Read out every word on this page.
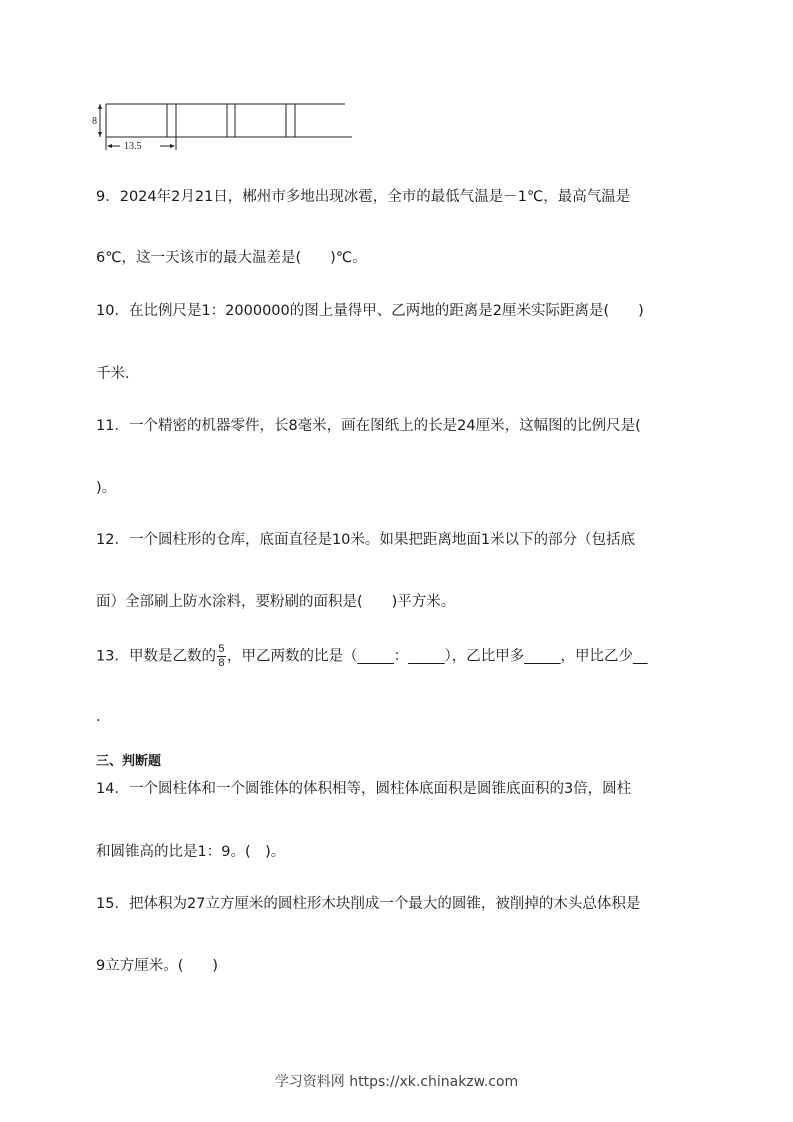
8
13.5
9．2024年2月21日，郴州市多地出现冰雹，全市的最低气温是－1℃，最高气温是
6℃，这一天该市的最大温差是(　　)℃。
10．在比例尺是1：2000000的图上量得甲、乙两地的距离是2厘米实际距离是(　　)
千米．
11．一个精密的机器零件，长8毫米，画在图纸上的长是24厘米，这幅图的比例尺是(
)。
12．一个圆柱形的仓库，底面直径是10米。如果把距离地面1米以下的部分（包括底
面）全部刷上防水涂料，要粉刷的面积是(　　)平方米。
13．甲数是乙数的 $\frac{5}{8}$ ，甲乙两数的比是（_____：_____），乙比甲多_____，甲比乙少__
．
三、判断题
14．一个圆柱体和一个圆锥体的体积相等，圆柱体底面积是圆锥底面积的3倍，圆柱
和圆锥高的比是1：9。(　)。
15．把体积为27立方厘米的圆柱形木块削成一个最大的圆锥，被削掉的木头总体积是
9立方厘米。(　　)
学习资料网 https://xk.chinakzw.com
